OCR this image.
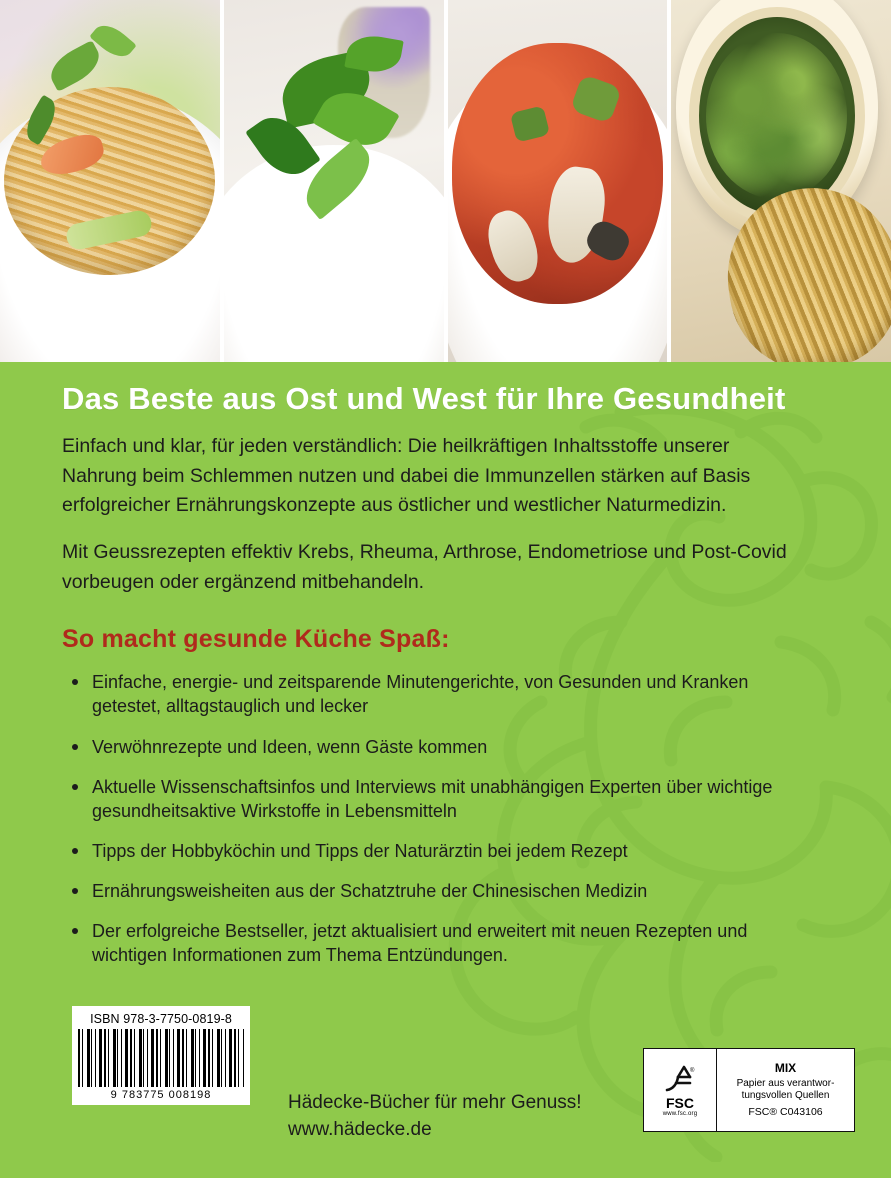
Das Beste aus Ost und West für Ihre Gesundheit

Einfach und klar, für jeden verständlich: Die heilkräftigen Inhaltsstoffe unserer Nahrung beim Schlemmen nutzen und dabei die Immunzellen stärken auf Basis erfolgreicher Ernährungskonzepte aus östlicher und westlicher Naturmedizin.

Mit Geussrezepten effektiv Krebs, Rheuma, Arthrose, Endometriose und Post-Covid vorbeugen oder ergänzend mitbehandeln.

So macht gesunde Küche Spaß:
Einfache, energie- und zeitsparende Minutengerichte, von Gesunden und Kranken getestet, alltagstauglich und lecker
Verwöhnrezepte und Ideen, wenn Gäste kommen
Aktuelle Wissenschaftsinfos und Interviews mit unabhängigen Experten über wichtige gesundheitsaktive Wirkstoffe in Lebensmitteln
Tipps der Hobbyköchin und Tipps der Naturärztin bei jedem Rezept
Ernährungsweisheiten aus der Schatztruhe der Chinesischen Medizin
Der erfolgreiche Bestseller, jetzt aktualisiert und erweitert mit neuen Rezepten und wichtigen Informationen zum Thema Entzündungen.
ISBN 978-3-7750-0819-8
9 783775 008198	Hädecke-Bücher für mehr Genuss!
www.hädecke.de
®
FSC
www.fsc.org
MIX
Papier aus verantwor-
tungsvollen Quellen
FSC® C043106
